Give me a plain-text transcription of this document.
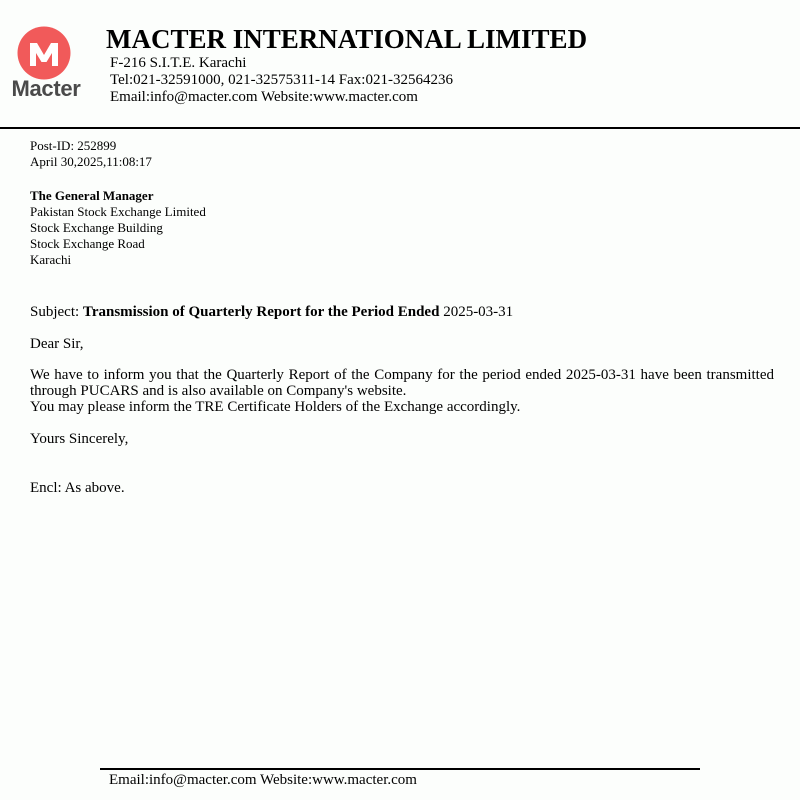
Macter
MACTER INTERNATIONAL LIMITED
F-216 S.I.T.E. Karachi
Tel:021-32591000, 021-32575311-14 Fax:021-32564236
Email:info@macter.com Website:www.macter.com
Post-ID: 252899
April 30,2025,11:08:17
The General Manager
Pakistan Stock Exchange Limited
Stock Exchange Building
Stock Exchange Road
Karachi
Subject: Transmission of Quarterly Report for the Period Ended 2025-03-31
Dear Sir,
We have to inform you that the Quarterly Report of the Company for the period ended 2025-03-31 have been transmitted through PUCARS and is also available on Company's website.
You may please inform the TRE Certificate Holders of the Exchange accordingly.
Yours Sincerely,
Encl: As above.
Email:info@macter.com Website:www.macter.com
